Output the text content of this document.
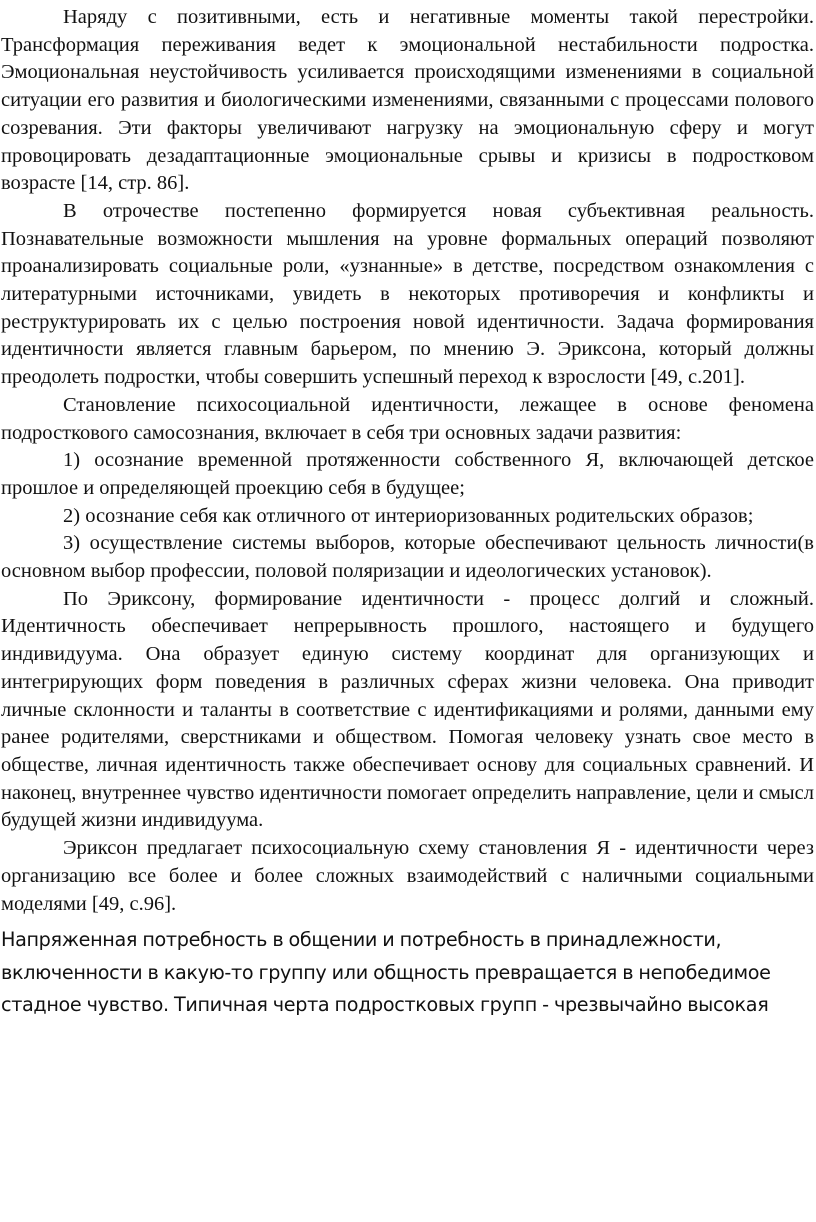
Наряду с позитивными, есть и негативные моменты такой перестройки. Трансформация переживания ведет к эмоциональной нестабильности подростка. Эмоциональная неустойчивость усиливается происходящими изменениями в социальной ситуации его развития и биологическими изменениями, связанными с процессами полового созревания. Эти факторы увеличивают нагрузку на эмоциональную сферу и могут провоцировать дезадаптационные эмоциональные срывы и кризисы в подростковом возрасте [14, стр. 86].

В отрочестве постепенно формируется новая субъективная реальность. Познавательные возможности мышления на уровне формальных операций позволяют проанализировать социальные роли, «узнанные» в детстве, посредством ознакомления с литературными источниками, увидеть в некоторых противоречия и конфликты и реструктурировать их с целью построения новой идентичности. Задача формирования идентичности является главным барьером, по мнению Э. Эриксона, который должны преодолеть подростки, чтобы совершить успешный переход к взрослости [49, с.201].

Становление психосоциальной идентичности, лежащее в основе феномена подросткового самосознания, включает в себя три основных задачи развития:

1) осознание временной протяженности собственного Я, включающей детское прошлое и определяющей проекцию себя в будущее;

2) осознание себя как отличного от интериоризованных родительских образов;

3) осуществление системы выборов, которые обеспечивают цельность личности(в основном выбор профессии, половой поляризации и идеологических установок).

По Эриксону, формирование идентичности - процесс долгий и сложный. Идентичность обеспечивает непрерывность прошлого, настоящего и будущего индивидуума. Она образует единую систему координат для организующих и интегрирующих форм поведения в различных сферах жизни человека. Она приводит личные склонности и таланты в соответствие с идентификациями и ролями, данными ему ранее родителями, сверстниками и обществом. Помогая человеку узнать свое место в обществе, личная идентичность также обеспечивает основу для социальных сравнений. И наконец, внутреннее чувство идентичности помогает определить направление, цели и смысл будущей жизни индивидуума.

Эриксон предлагает психосоциальную схему становления Я - идентичности через организацию все более и более сложных взаимодействий с наличными социальными моделями [49, с.96].

Напряженная потребность в общении и потребность в принадлежности, включенности в какую-то группу или общность превращается в непобедимое стадное чувство. Типичная черта подростковых групп - чрезвычайно высокая
